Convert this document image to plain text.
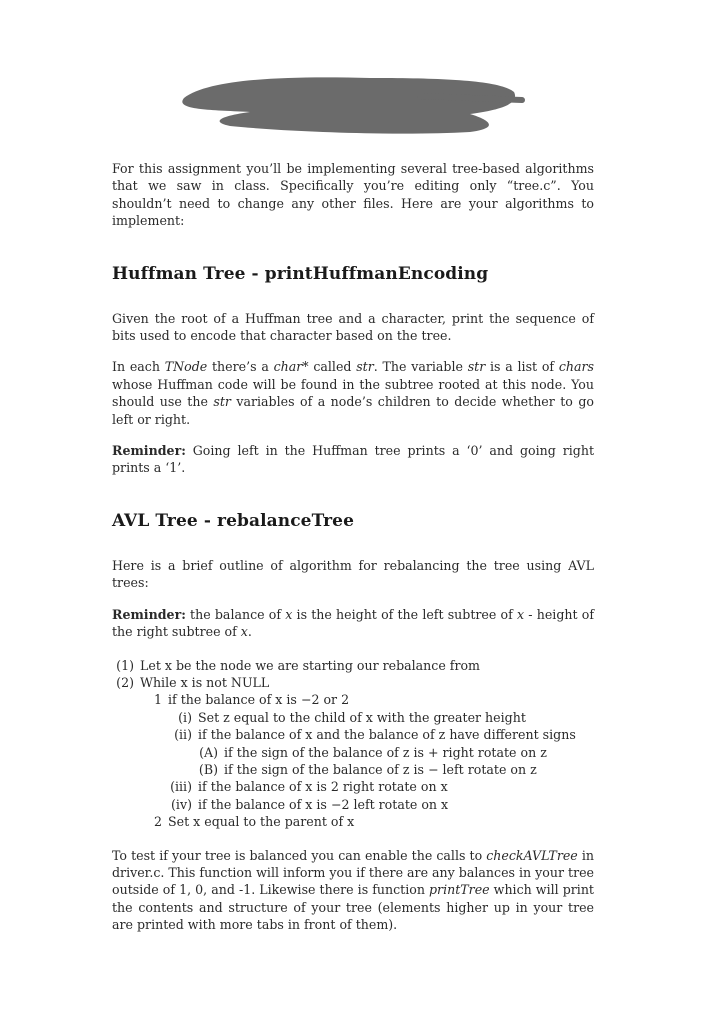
For this assignment you’ll be implementing several tree-based algorithms that we saw in class. Specifically you’re editing only “tree.c”. You shouldn’t need to change any other files. Here are your algorithms to implement:

Huffman Tree - printHuffmanEncoding

Given the root of a Huffman tree and a character, print the sequence of bits used to encode that character based on the tree.

In each TNode there’s a char* called str. The variable str is a list of chars whose Huffman code will be found in the subtree rooted at this node. You should use the str variables of a node’s children to decide whether to go left or right.

Reminder: Going left in the Huffman tree prints a ‘0’ and going right prints a ‘1’.

AVL Tree - rebalanceTree

Here is a brief outline of algorithm for rebalancing the tree using AVL trees:

Reminder: the balance of x is the height of the left subtree of x - height of the right subtree of x.

(1) Let x be the node we are starting our rebalance from
(2) While x is not NULL
1 if the balance of x is −2 or 2
(i) Set z equal to the child of x with the greater height
(ii) if the balance of x and the balance of z have different signs
(A) if the sign of the balance of z is + right rotate on z
(B) if the sign of the balance of z is − left rotate on z
(iii) if the balance of x is 2 right rotate on x
(iv) if the balance of x is −2 left rotate on x
2 Set x equal to the parent of x

To test if your tree is balanced you can enable the calls to checkAVLTree in driver.c. This function will inform you if there are any balances in your tree outside of 1, 0, and -1. Likewise there is function printTree which will print the contents and structure of your tree (elements higher up in your tree are printed with more tabs in front of them).
